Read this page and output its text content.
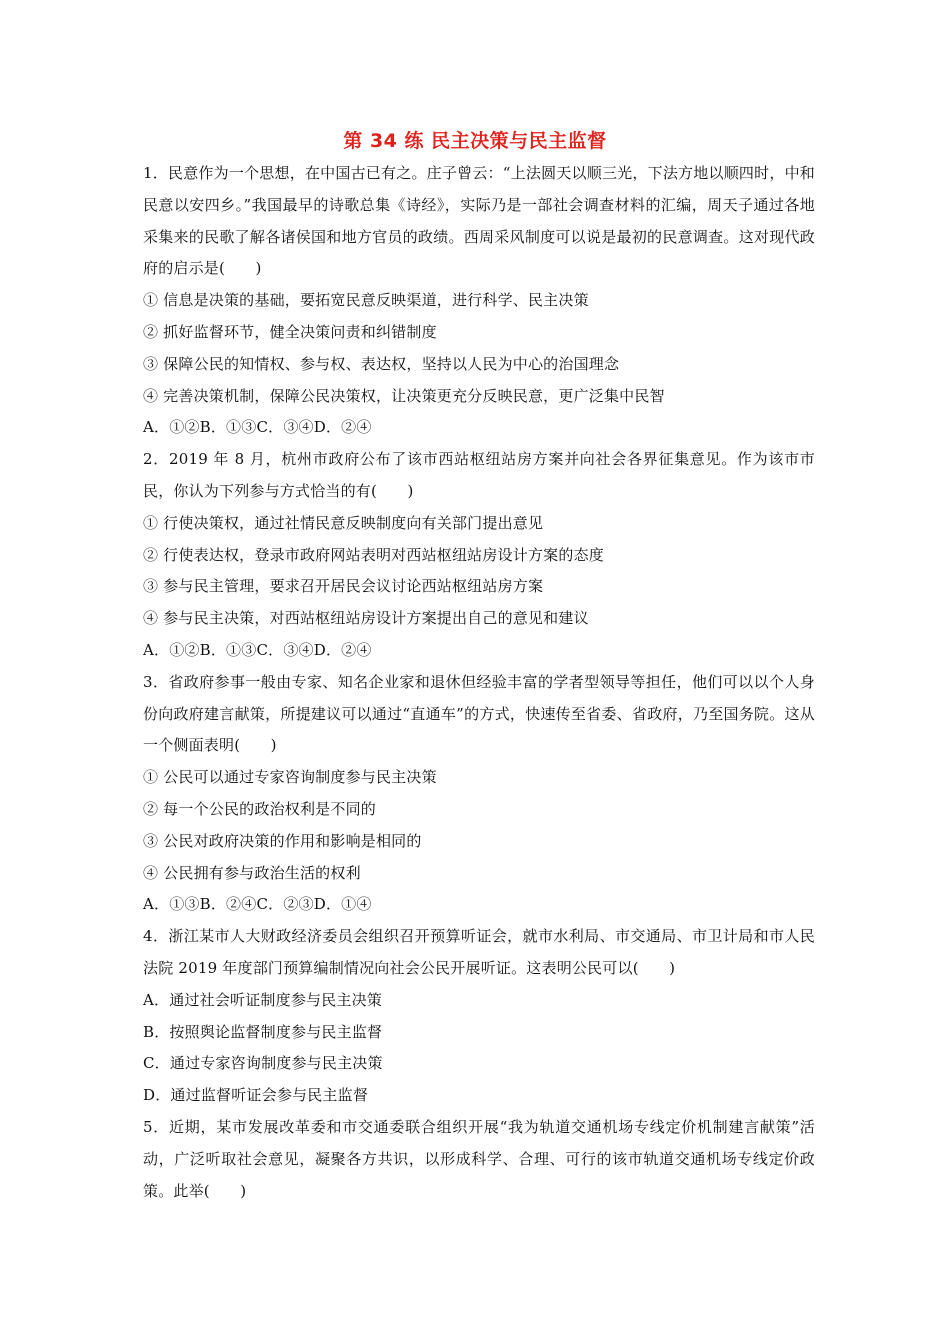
第 34 练 民主决策与民主监督
1．民意作为一个思想，在中国古已有之。庄子曾云：“上法圆天以顺三光，下法方地以顺四时，中和民意以安四乡。”我国最早的诗歌总集《诗经》，实际乃是一部社会调查材料的汇编，周天子通过各地采集来的民歌了解各诸侯国和地方官员的政绩。西周采风制度可以说是最初的民意调查。这对现代政府的启示是(　　)
① 信息是决策的基础，要拓宽民意反映渠道，进行科学、民主决策
② 抓好监督环节，健全决策问责和纠错制度
③ 保障公民的知情权、参与权、表达权，坚持以人民为中心的治国理念
④ 完善决策机制，保障公民决策权，让决策更充分反映民意，更广泛集中民智
A．①②B．①③C．③④D．②④
2．2019 年 8 月，杭州市政府公布了该市西站枢纽站房方案并向社会各界征集意见。作为该市市民，你认为下列参与方式恰当的有(　　)
① 行使决策权，通过社情民意反映制度向有关部门提出意见
② 行使表达权，登录市政府网站表明对西站枢纽站房设计方案的态度
③ 参与民主管理，要求召开居民会议讨论西站枢纽站房方案
④ 参与民主决策，对西站枢纽站房设计方案提出自己的意见和建议
A．①②B．①③C．③④D．②④
3．省政府参事一般由专家、知名企业家和退休但经验丰富的学者型领导等担任，他们可以以个人身份向政府建言献策，所提建议可以通过“直通车”的方式，快速传至省委、省政府，乃至国务院。这从一个侧面表明(　　)
① 公民可以通过专家咨询制度参与民主决策
② 每一个公民的政治权利是不同的
③ 公民对政府决策的作用和影响是相同的
④ 公民拥有参与政治生活的权利
A．①③B．②④C．②③D．①④
4．浙江某市人大财政经济委员会组织召开预算听证会，就市水利局、市交通局、市卫计局和市人民法院 2019 年度部门预算编制情况向社会公民开展听证。这表明公民可以(　　)
A．通过社会听证制度参与民主决策
B．按照舆论监督制度参与民主监督
C．通过专家咨询制度参与民主决策
D．通过监督听证会参与民主监督
5．近期，某市发展改革委和市交通委联合组织开展“我为轨道交通机场专线定价机制建言献策”活动，广泛听取社会意见，凝聚各方共识，以形成科学、合理、可行的该市轨道交通机场专线定价政策。此举(　　)
